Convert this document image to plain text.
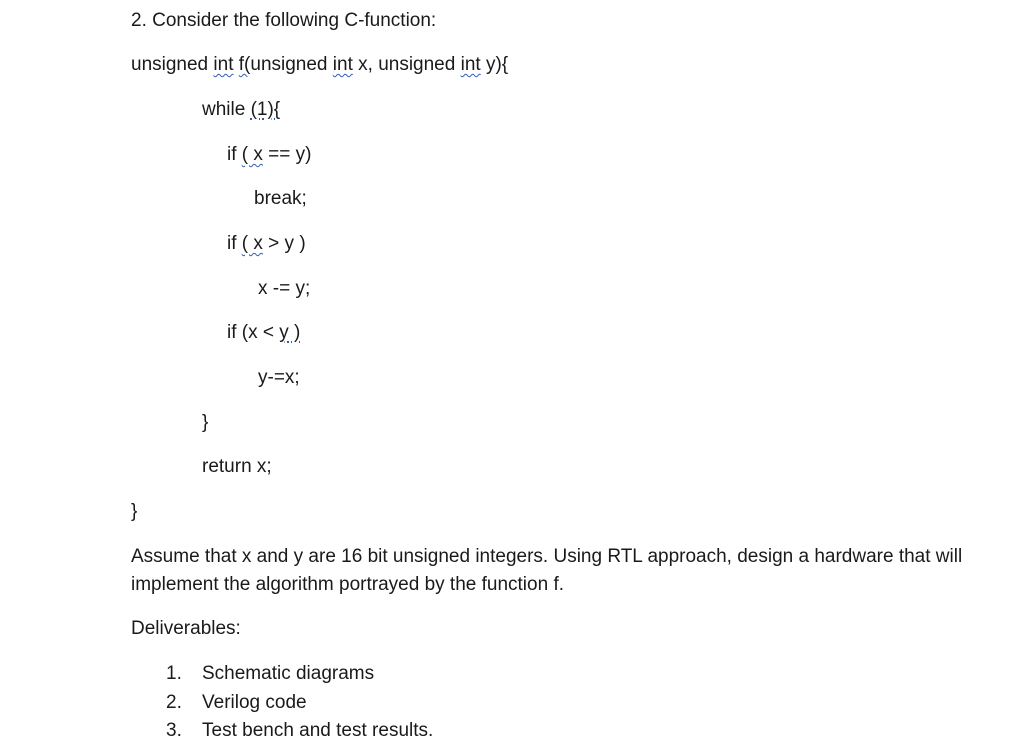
2. Consider the following C-function:
unsigned int f(unsigned int x, unsigned int y){
while (1){
if ( x == y)
break;
if ( x > y )
x -= y;
if (x < y )
y-=x;
}
return x;
}
Assume that x and y are 16 bit unsigned integers. Using RTL approach, design a hardware that will implement the algorithm portrayed by the function f.
Deliverables:
1. Schematic diagrams
2. Verilog code
3. Test bench and test results.
